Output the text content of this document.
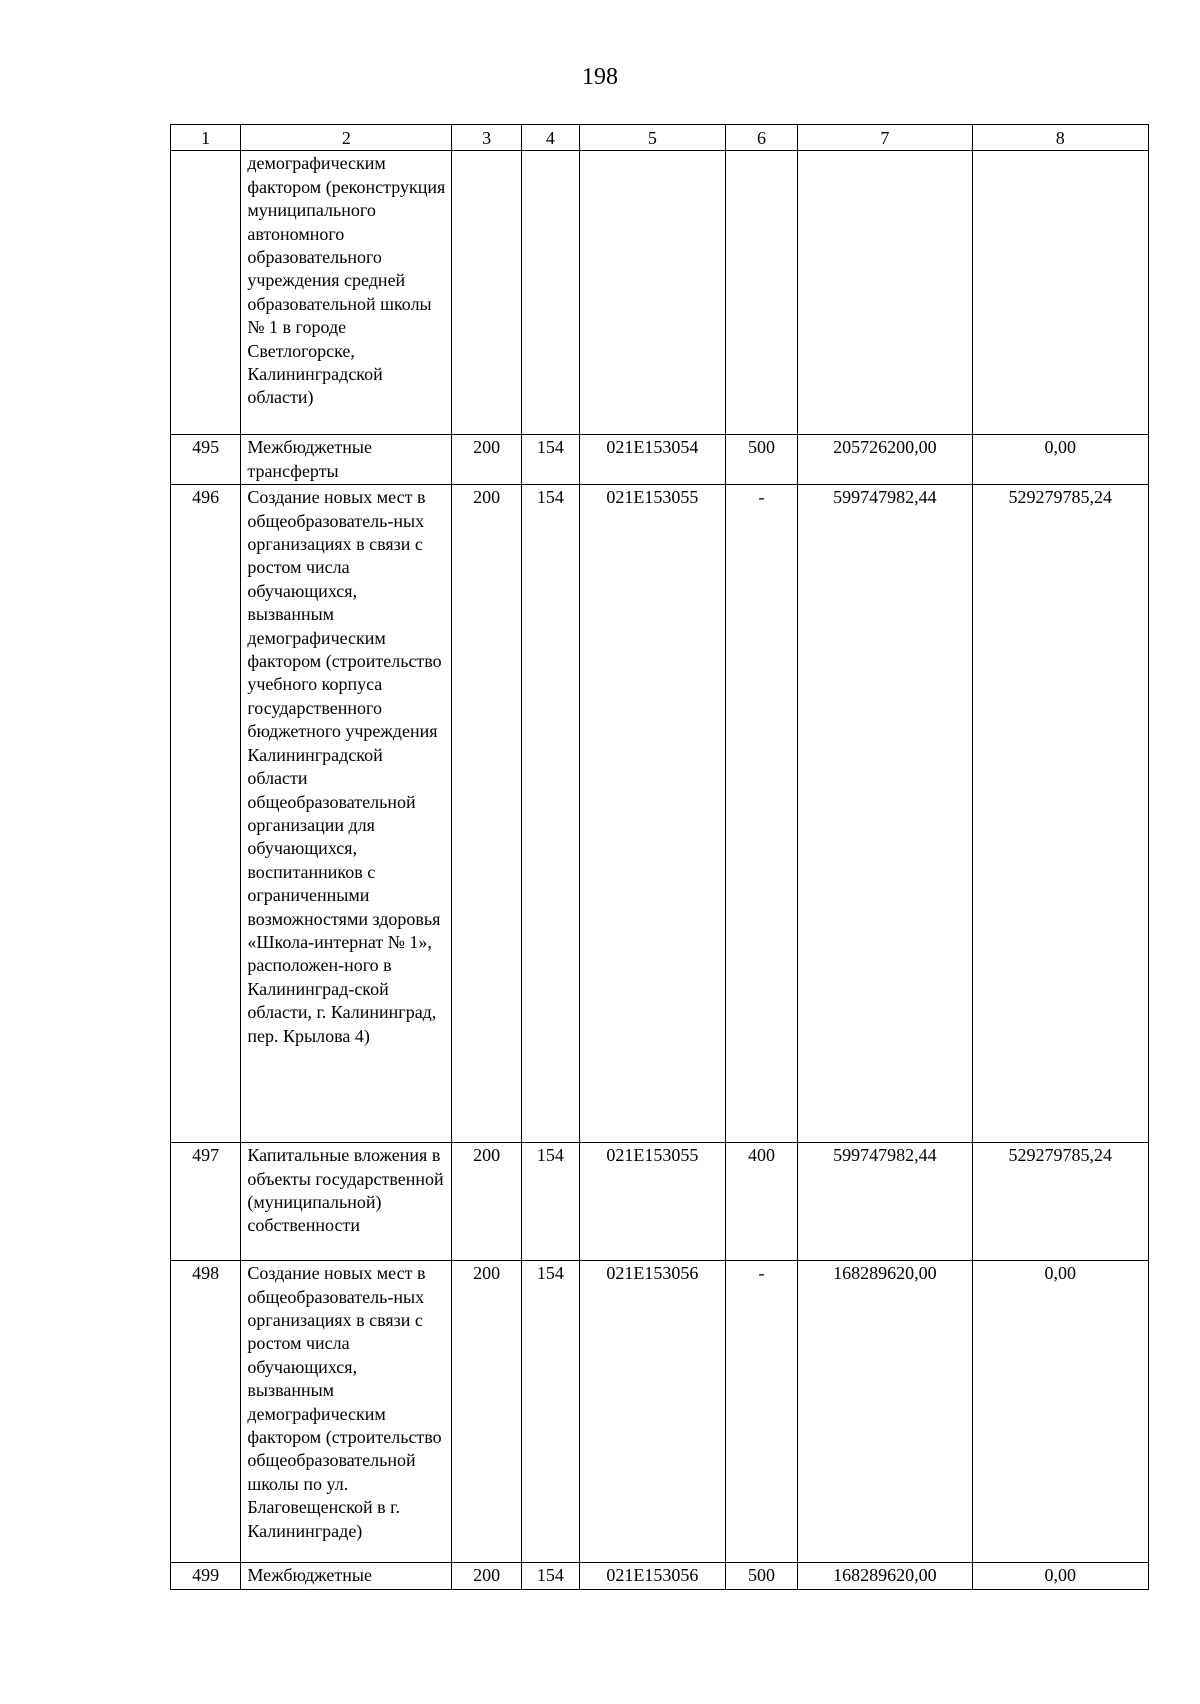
198
1	2	3	4	5	6	7	8
	демографическим фактором (реконструкция муниципального автономного образовательного учреждения средней образовательной школы № 1 в городе Светлогорске, Калининградской области)						
495	Межбюджетные трансферты	200	154	021E153054	500	205726200,00	0,00
496	Создание новых мест в общеобразователь-ных организациях в связи с ростом числа обучающихся, вызванным демографическим фактором (строительство учебного корпуса государственного бюджетного учреждения Калининградской области общеобразовательной организации для обучающихся, воспитанников с ограниченными возможностями здоровья «Школа-интернат № 1», расположен-ного в Калининград-ской области, г. Калининград, пер. Крылова 4)	200	154	021E153055	-	599747982,44	529279785,24
497	Капитальные вложения в объекты государственной (муниципальной) собственности	200	154	021E153055	400	599747982,44	529279785,24
498	Создание новых мест в общеобразователь-ных организациях в связи с ростом числа обучающихся, вызванным демографическим фактором (строительство общеобразовательной школы по ул. Благовещенской в г. Калининграде)	200	154	021E153056	-	168289620,00	0,00
499	Межбюджетные	200	154	021E153056	500	168289620,00	0,00
